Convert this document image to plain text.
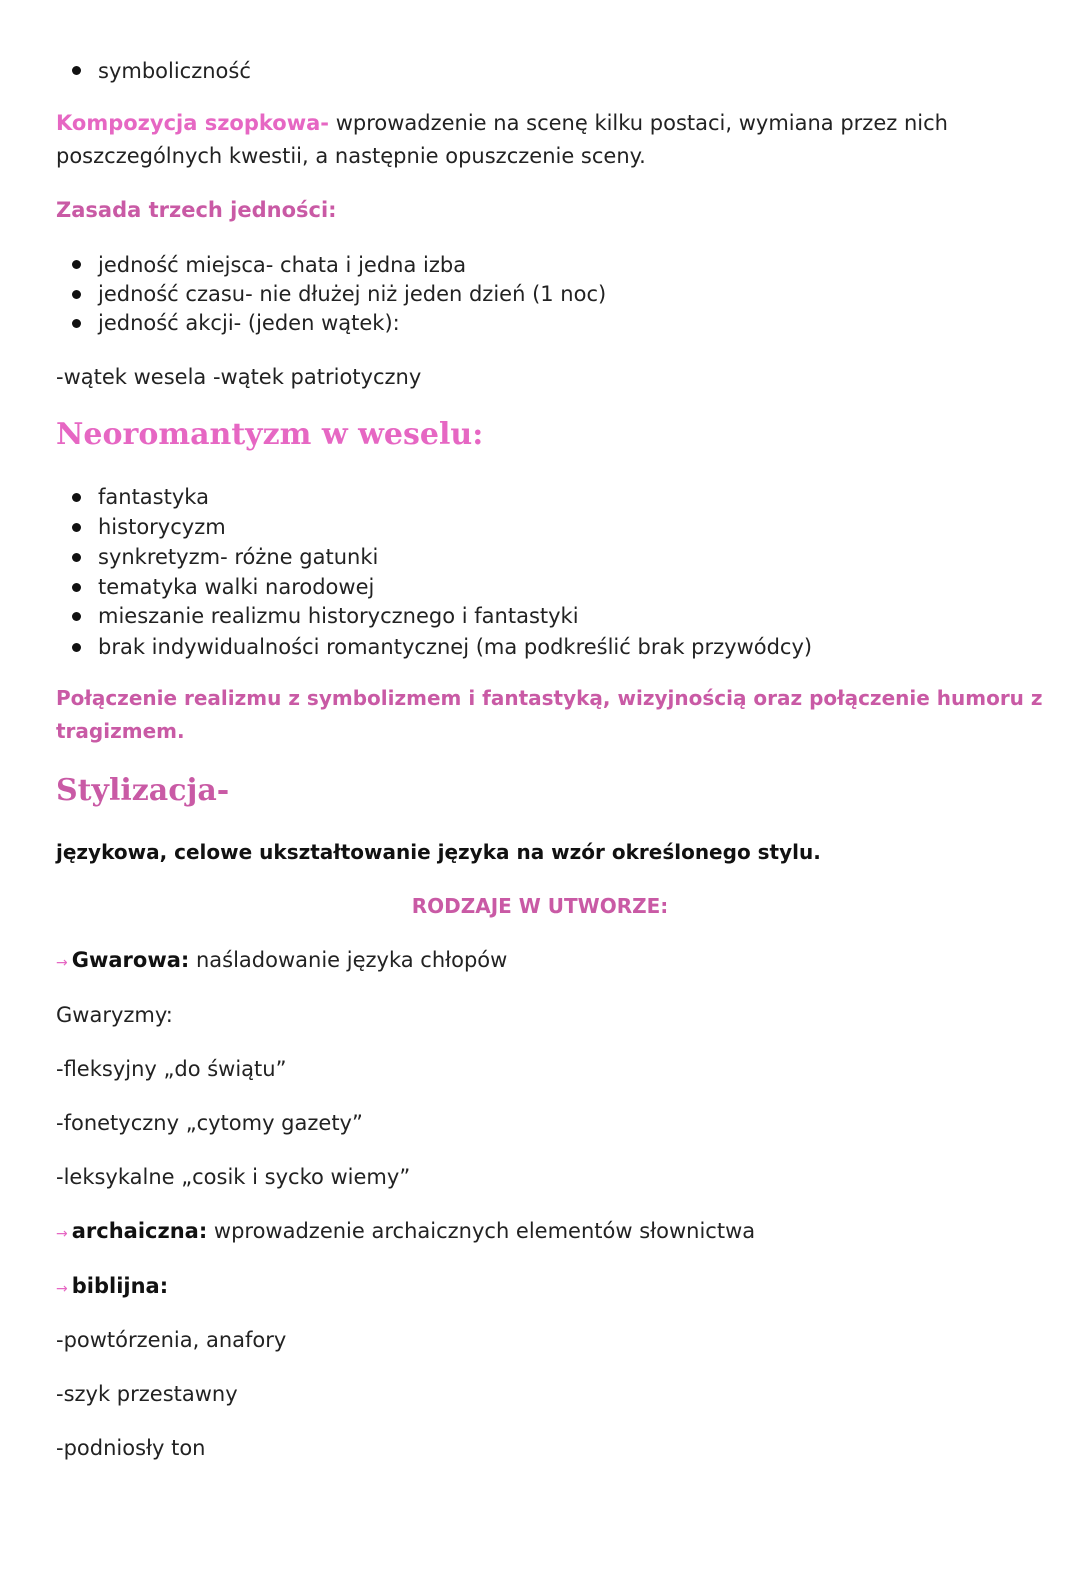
symboliczność
Kompozycja szopkowa- wprowadzenie na scenę kilku postaci, wymiana przez nich
poszczególnych kwestii, a następnie opuszczenie sceny.
Zasada trzech jedności:
jedność miejsca- chata i jedna izba
jedność czasu- nie dłużej niż jeden dzień (1 noc)
jedność akcji- (jeden wątek):
-wątek wesela -wątek patriotyczny
Neoromantyzm w weselu:
fantastyka
historycyzm
synkretyzm- różne gatunki
tematyka walki narodowej
mieszanie realizmu historycznego i fantastyki
brak indywidualności romantycznej (ma podkreślić brak przywódcy)
Połączenie realizmu z symbolizmem i fantastyką, wizyjnością oraz połączenie humoru z
tragizmem.
Stylizacja-
językowa, celowe ukształtowanie języka na wzór określonego stylu.
RODZAJE W UTWORZE:
→ Gwarowa: naśladowanie języka chłopów
Gwaryzmy:
-fleksyjny „do świątu”
-fonetyczny „cytomy gazety”
-leksykalne „cosik i sycko wiemy”
→ archaiczna: wprowadzenie archaicznych elementów słownictwa
→ biblijna:
-powtórzenia, anafory
-szyk przestawny
-podniosły ton
